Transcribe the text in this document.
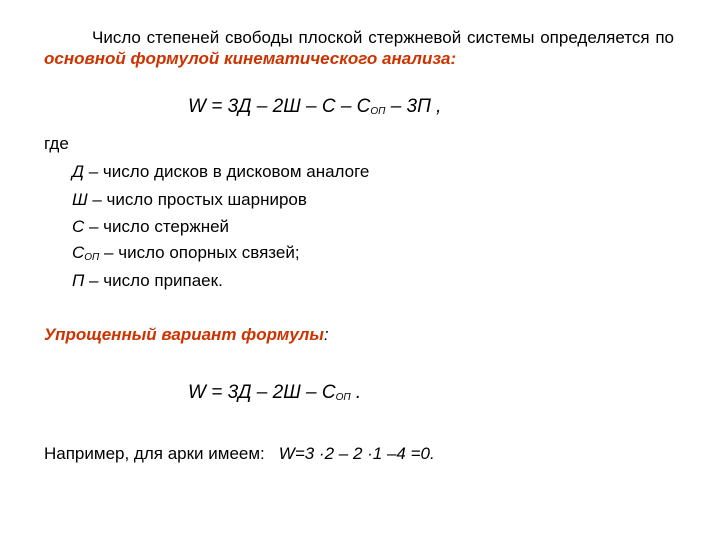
Число степеней свободы плоской стержневой системы определяется по основной формулой кинематического анализа:

$W = 3Д - 2Ш - С - С_{ОП} - 3П$ ,
где
Д – число дисков в дисковом аналоге
Ш – число простых шарниров
С – число стержней
$С_{ОП}$ – число опорных связей;
П – число припаек.
Упрощенный вариант формулы:
$W = 3Д - 2Ш - С_{ОП}$ .
Например, для арки имеем: W=3 ·2 – 2 ·1 –4 =0.
